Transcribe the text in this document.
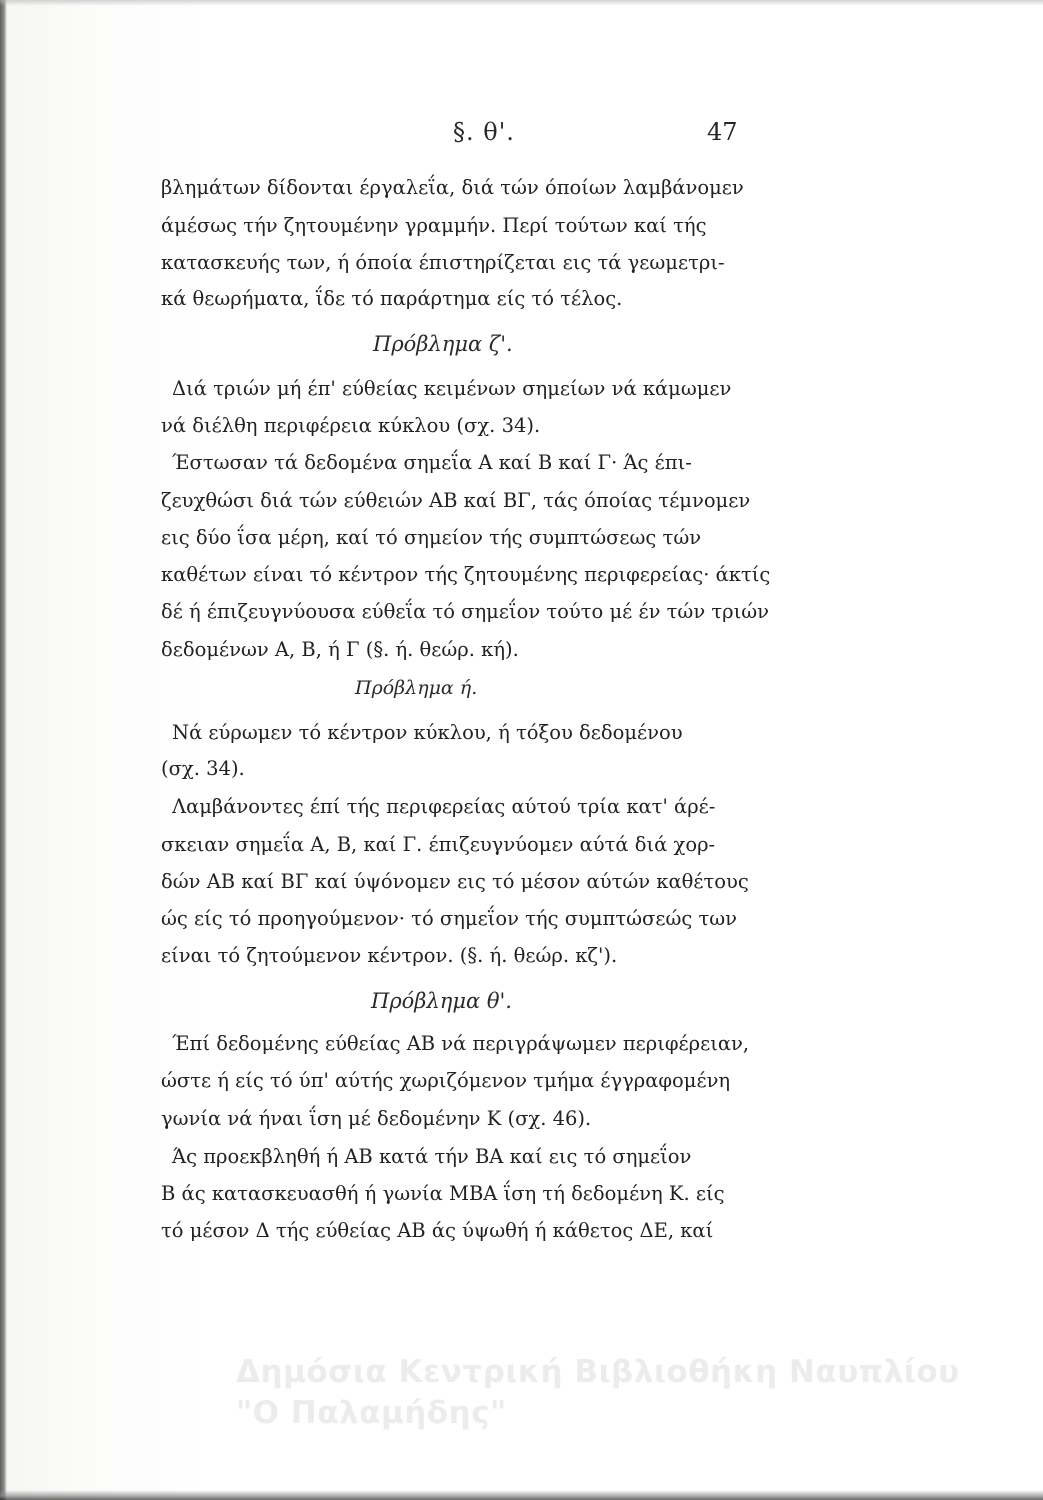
§. θ'.	47
βλημάτων δίδονται έργαλεΐα, διά τών όποίων λαμβάνομεν
άμέσως τήν ζητουμένην γραμμήν. Περί τούτων καί τής
κατασκευής των, ή όποία έπιστηρίζεται εις τά γεωμετρι-
κά θεωρήματα, ΐδε τό παράρτημα είς τό τέλος.
Πρόβλημα ζ'.
Διά τριών μή έπ' εύθείας κειμένων σημείων νά κάμωμεν
νά διέλθη περιφέρεια κύκλου (σχ. 34).
Έστωσαν τά δεδομένα σημεΐα Α καί Β καί Γ· Άς έπι-
ζευχθώσι διά τών εύθειών ΑΒ καί ΒΓ, τάς όποίας τέμνομεν
εις δύο ΐσα μέρη, καί τό σημείον τής συμπτώσεως τών
καθέτων είναι τό κέντρον τής ζητουμένης περιφερείας· άκτίς
δέ ή έπιζευγνύουσα εύθεΐα τό σημεΐον τούτο μέ έν τών τριών
δεδομένων Α, Β, ή Γ (§. ή. θεώρ. κή).
Πρόβλημα ή.
Νά εύρωμεν τό κέντρον κύκλου, ή τόξου δεδομένου
(σχ. 34).
Λαμβάνοντες έπί τής περιφερείας αύτού τρία κατ' άρέ-
σκειαν σημεΐα Α, Β, καί Γ. έπιζευγνύομεν αύτά διά χορ-
δών ΑΒ καί ΒΓ καί ύψόνομεν εις τό μέσον αύτών καθέτους
ώς είς τό προηγούμενον· τό σημεΐον τής συμπτώσεώς των
είναι τό ζητούμενον κέντρον. (§. ή. θεώρ. κζ').
Πρόβλημα θ'.
Έπί δεδομένης εύθείας ΑΒ νά περιγράψωμεν περιφέρειαν,
ώστε ή είς τό ύπ' αύτής χωριζόμενον τμήμα έγγραφομένη
γωνία νά ήναι ΐση μέ δεδομένην Κ (σχ. 46).
Άς προεκβληθή ή ΑΒ κατά τήν ΒΑ καί εις τό σημεΐον
Β άς κατασκευασθή ή γωνία ΜΒΑ ΐση τή δεδομένη Κ. είς
τό μέσον Δ τής εύθείας ΑΒ άς ύψωθή ή κάθετος ΔΕ, καί
Δημόσια Κεντρική Βιβλιοθήκη Ναυπλίου
"Ο Παλαμήδης"
